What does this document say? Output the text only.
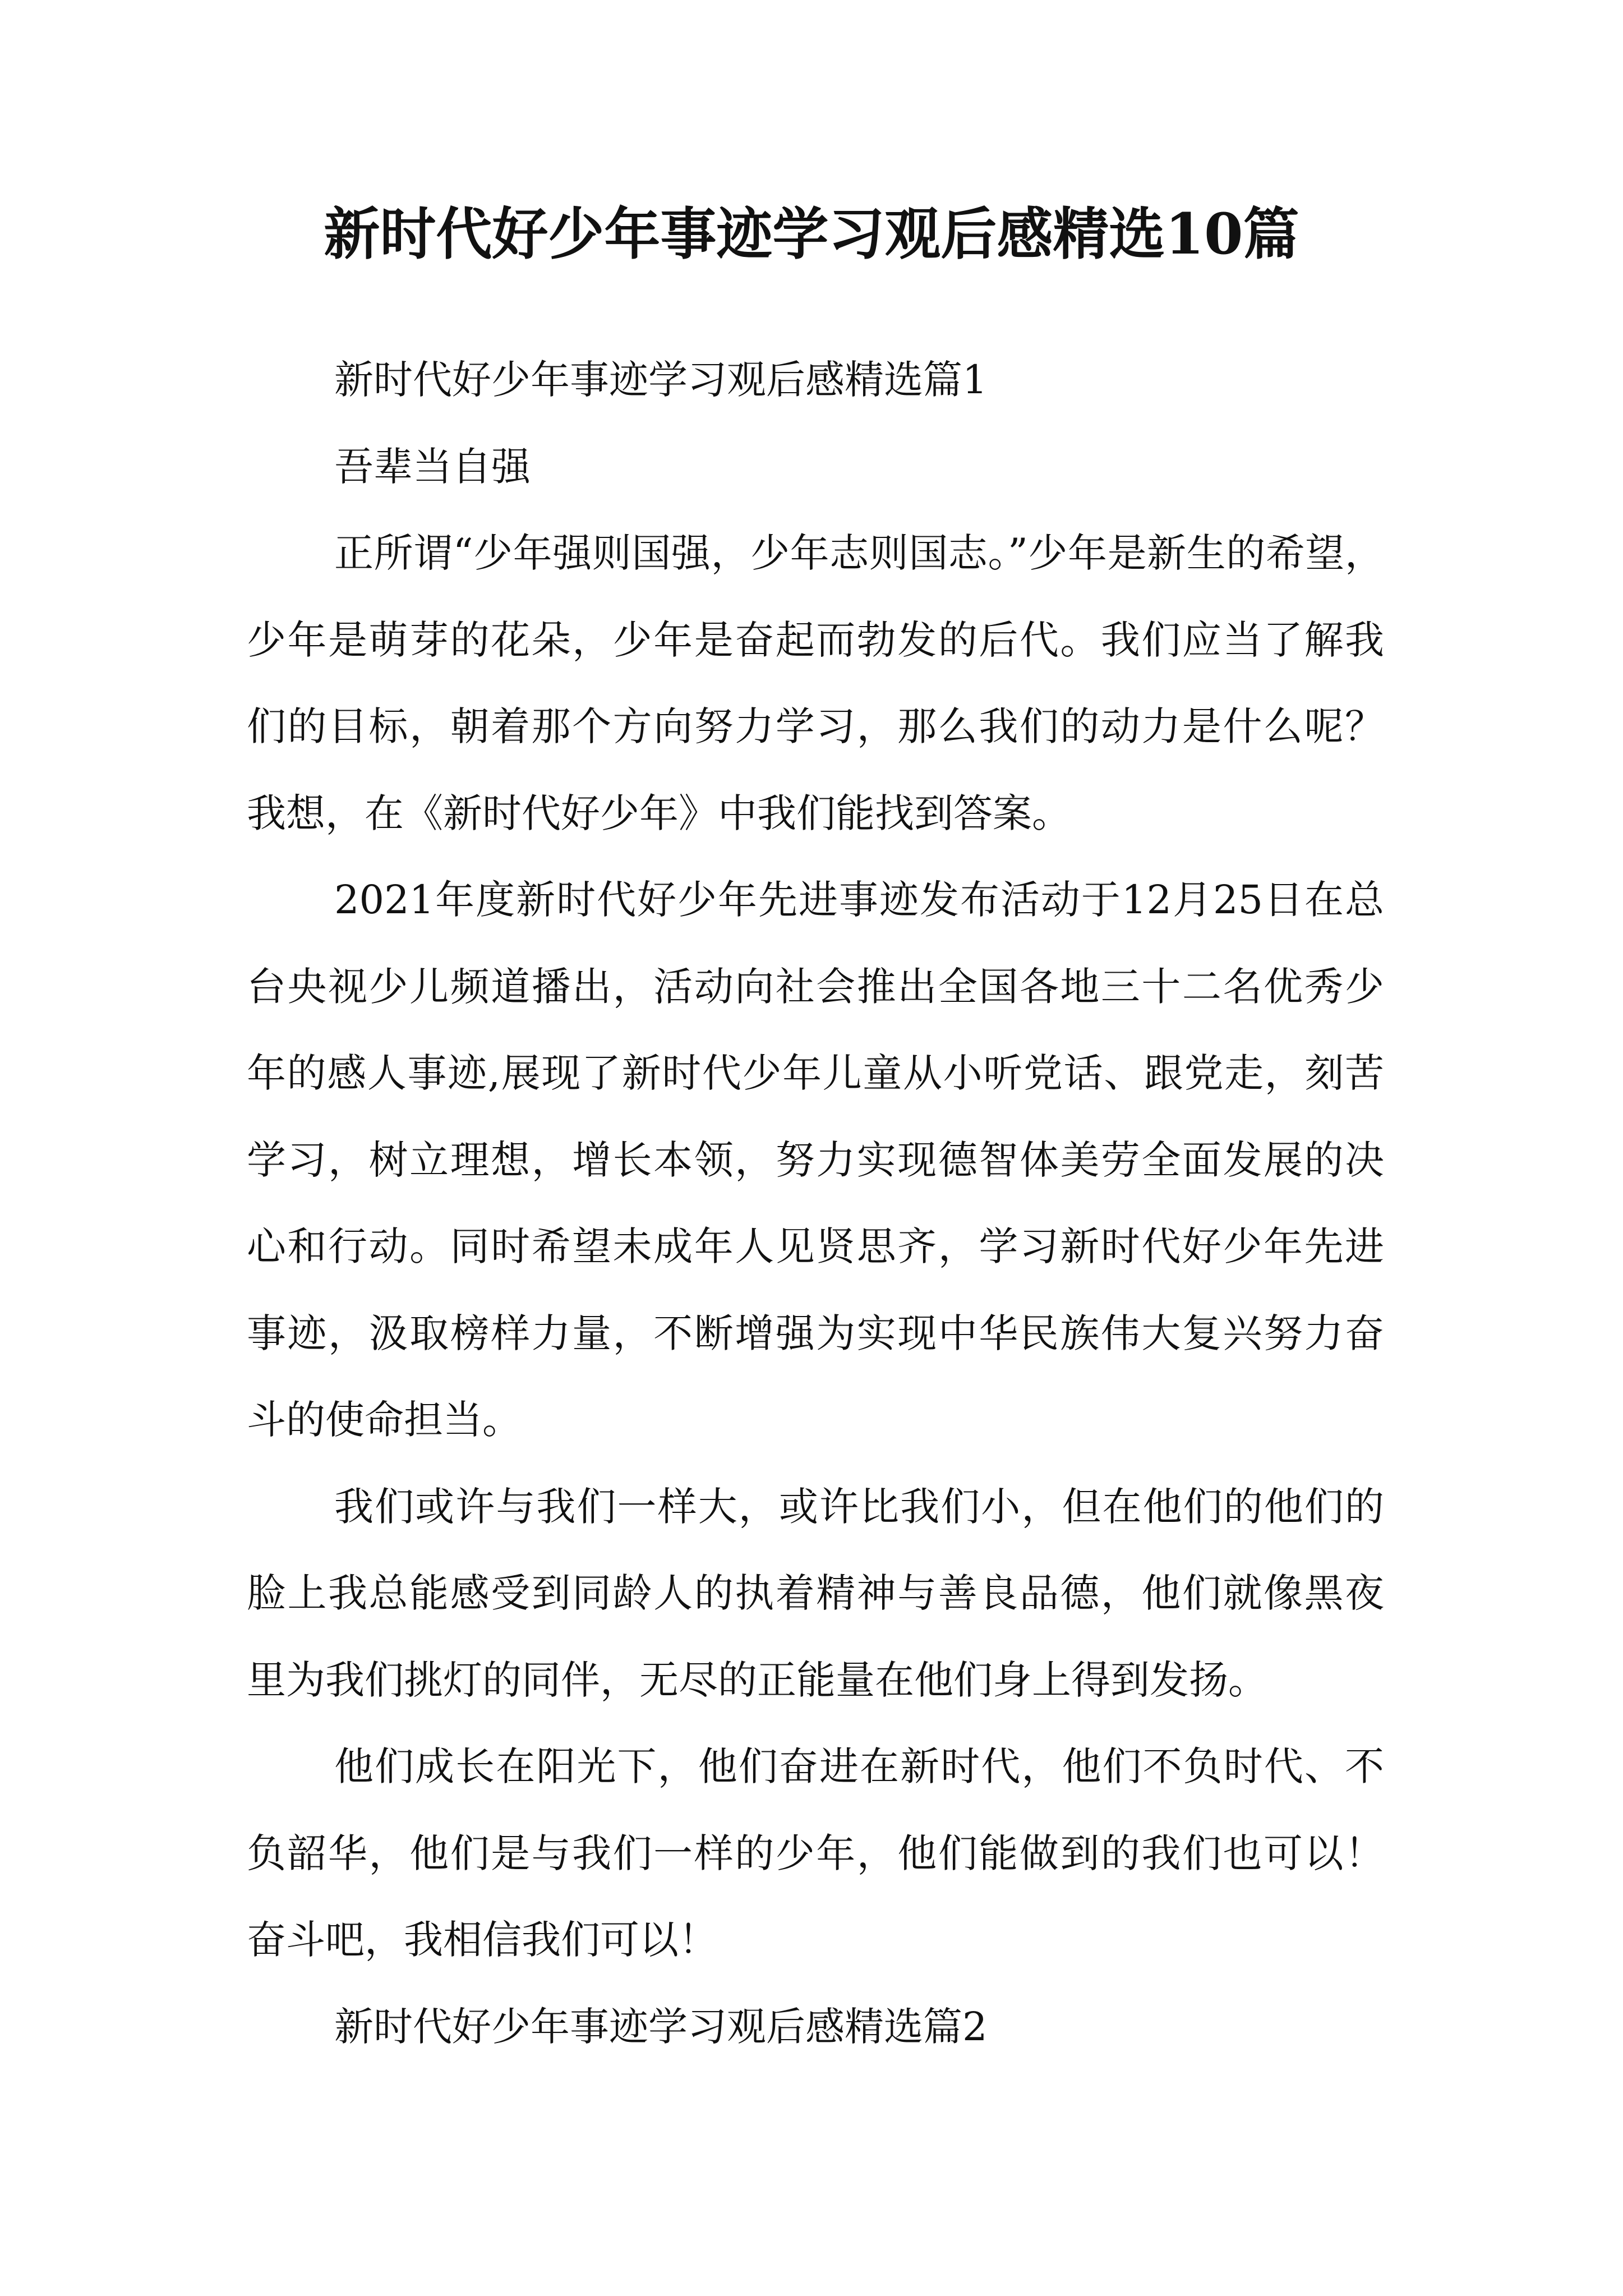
新时代好少年事迹学习观后感精选10篇

新时代好少年事迹学习观后感精选篇1

吾辈当自强

正所谓“少年强则国强，少年志则国志。”少年是新生的希望，少年是萌芽的花朵，少年是奋起而勃发的后代。我们应当了解我们的目标，朝着那个方向努力学习，那么我们的动力是什么呢？我想，在《新时代好少年》中我们能找到答案。

2021年度新时代好少年先进事迹发布活动于12月25日在总台央视少儿频道播出，活动向社会推出全国各地三十二名优秀少年的感人事迹,展现了新时代少年儿童从小听党话、跟党走，刻苦学习，树立理想，增长本领，努力实现德智体美劳全面发展的决心和行动。同时希望未成年人见贤思齐，学习新时代好少年先进事迹，汲取榜样力量，不断增强为实现中华民族伟大复兴努力奋斗的使命担当。

我们或许与我们一样大，或许比我们小，但在他们的他们的脸上我总能感受到同龄人的执着精神与善良品德，他们就像黑夜里为我们挑灯的同伴，无尽的正能量在他们身上得到发扬。

他们成长在阳光下，他们奋进在新时代，他们不负时代、不负韶华，他们是与我们一样的少年，他们能做到的我们也可以！奋斗吧，我相信我们可以！

新时代好少年事迹学习观后感精选篇2
